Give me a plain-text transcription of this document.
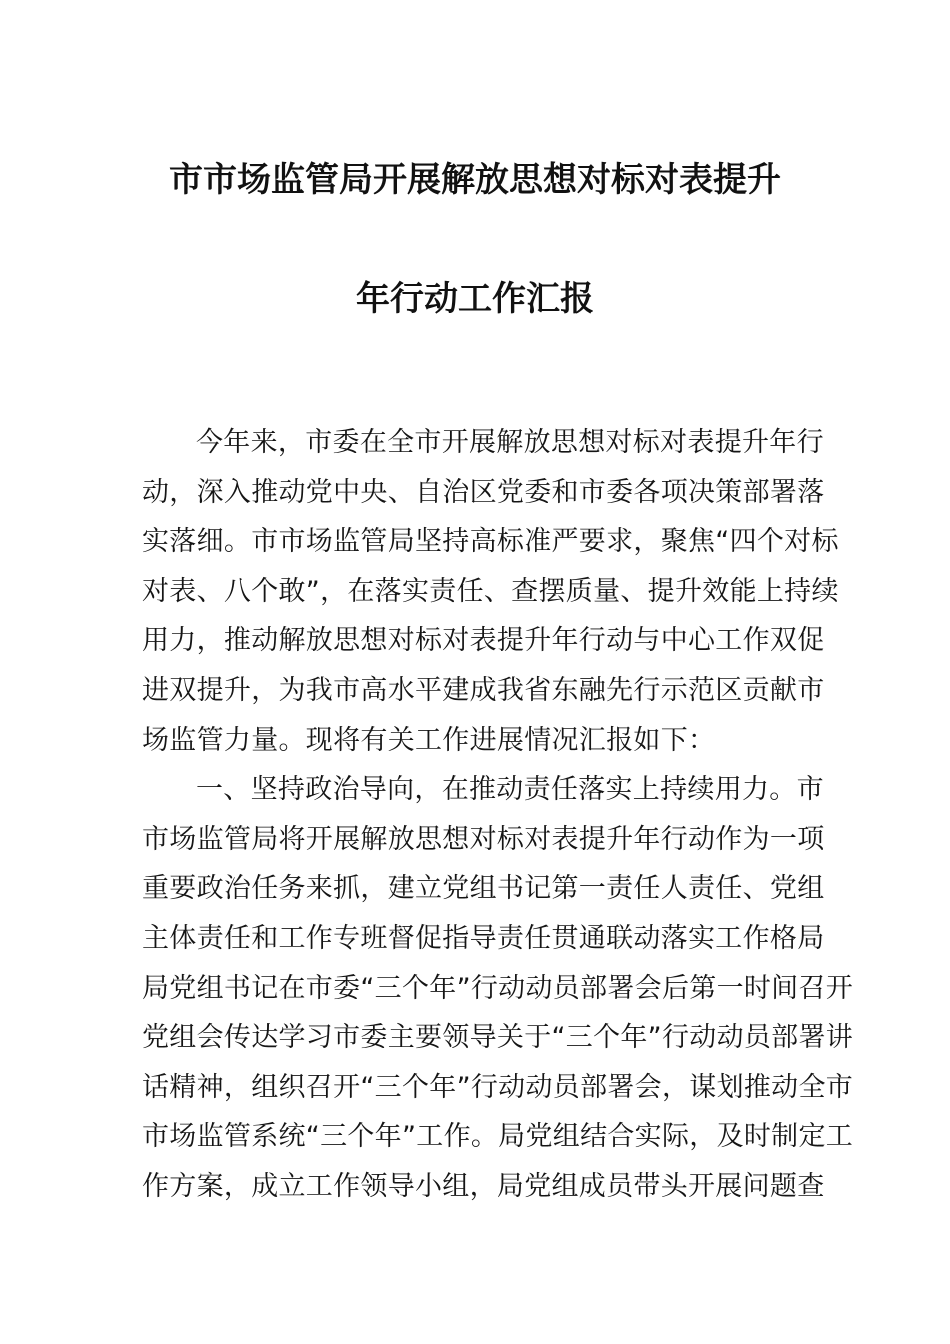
市市场监管局开展解放思想对标对表提升
年行动工作汇报
今年来，市委在全市开展解放思想对标对表提升年行
动，深入推动党中央、自治区党委和市委各项决策部署落
实落细。市市场监管局坚持高标准严要求，聚焦“四个对标
对表、八个敢”，在落实责任、查摆质量、提升效能上持续
用力，推动解放思想对标对表提升年行动与中心工作双促
进双提升，为我市高水平建成我省东融先行示范区贡献市
场监管力量。现将有关工作进展情况汇报如下：
一、坚持政治导向，在推动责任落实上持续用力。市
市场监管局将开展解放思想对标对表提升年行动作为一项
重要政治任务来抓，建立党组书记第一责任人责任、党组
主体责任和工作专班督促指导责任贯通联动落实工作格局
局党组书记在市委“三个年”行动动员部署会后第一时间召开
党组会传达学习市委主要领导关于“三个年”行动动员部署讲
话精神，组织召开“三个年”行动动员部署会，谋划推动全市
市场监管系统“三个年”工作。局党组结合实际，及时制定工
作方案，成立工作领导小组，局党组成员带头开展问题查
